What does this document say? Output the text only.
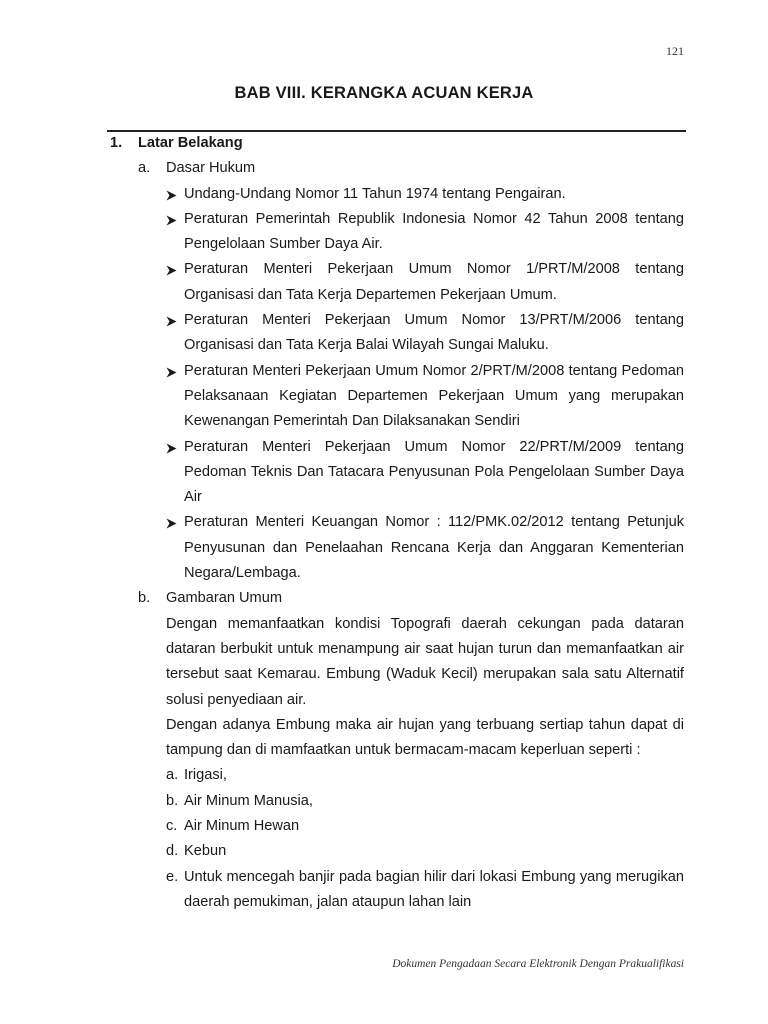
121
BAB VIII. KERANGKA ACUAN KERJA
1. Latar Belakang
a. Dasar Hukum
Undang-Undang Nomor 11 Tahun 1974 tentang Pengairan.
Peraturan Pemerintah Republik Indonesia Nomor 42 Tahun 2008 tentang Pengelolaan Sumber Daya Air.
Peraturan Menteri Pekerjaan Umum Nomor 1/PRT/M/2008 tentang Organisasi dan Tata Kerja Departemen Pekerjaan Umum.
Peraturan Menteri Pekerjaan Umum Nomor 13/PRT/M/2006 tentang Organisasi dan Tata Kerja Balai Wilayah Sungai Maluku.
Peraturan Menteri Pekerjaan Umum Nomor 2/PRT/M/2008 tentang Pedoman Pelaksanaan Kegiatan Departemen Pekerjaan Umum yang merupakan Kewenangan Pemerintah Dan Dilaksanakan Sendiri
Peraturan Menteri Pekerjaan Umum Nomor 22/PRT/M/2009 tentang Pedoman Teknis Dan Tatacara Penyusunan Pola Pengelolaan Sumber Daya Air
Peraturan Menteri Keuangan Nomor : 112/PMK.02/2012 tentang Petunjuk Penyusunan dan Penelaahan Rencana Kerja dan Anggaran Kementerian Negara/Lembaga.
b. Gambaran Umum

Dengan memanfaatkan kondisi Topografi daerah cekungan pada dataran dataran berbukit untuk menampung air saat hujan turun dan memanfaatkan air tersebut saat Kemarau. Embung (Waduk Kecil) merupakan sala satu Alternatif solusi penyediaan air.

Dengan adanya Embung maka air hujan yang terbuang sertiap tahun dapat di tampung dan di mamfaatkan untuk bermacam-macam keperluan seperti :

a. Irigasi,
b. Air Minum Manusia,
c. Air Minum Hewan
d. Kebun
e. Untuk mencegah banjir pada bagian hilir dari lokasi Embung yang merugikan daerah pemukiman, jalan ataupun lahan lain
Dokumen Pengadaan Secara Elektronik Dengan Prakualifikasi
